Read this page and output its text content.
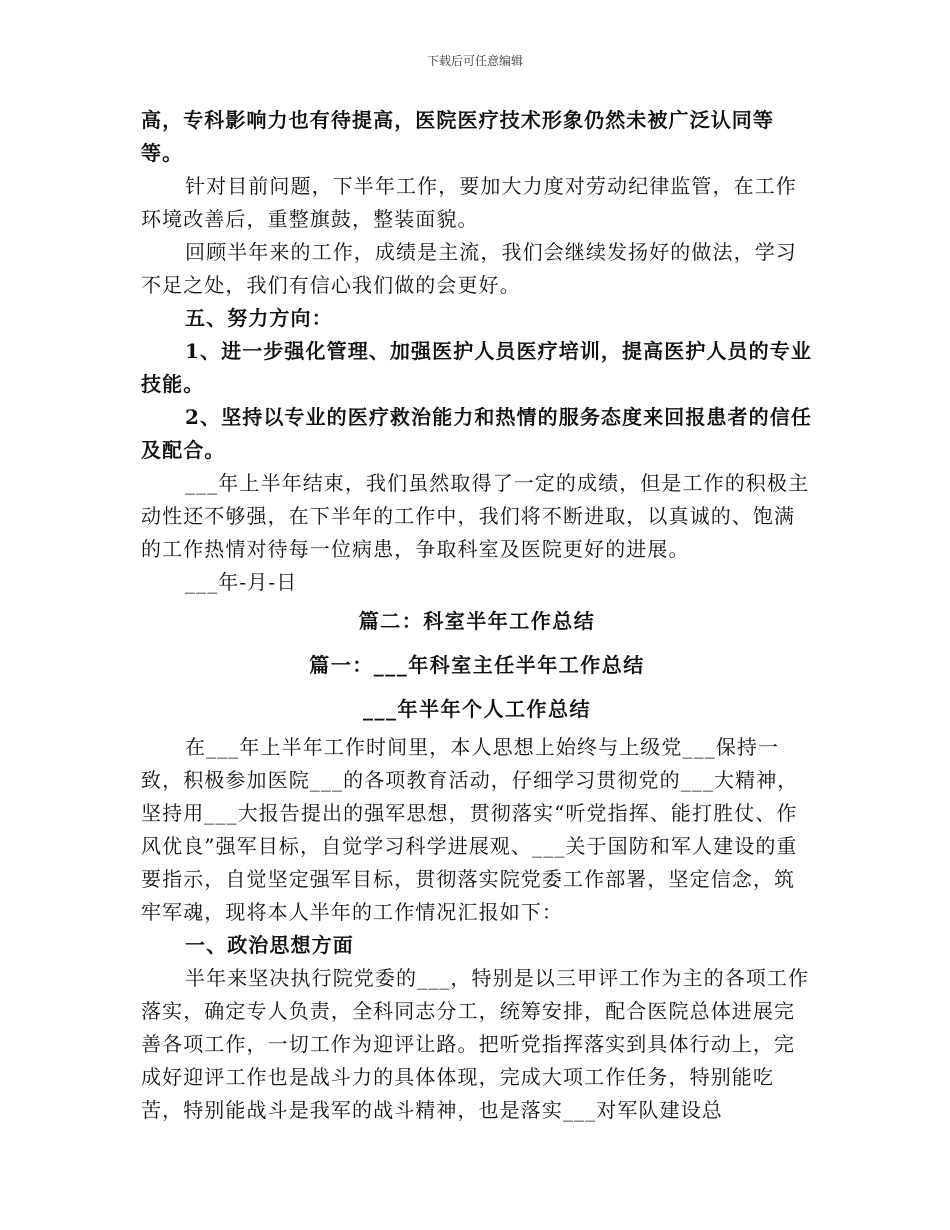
下载后可任意编辑

高，专科影响力也有待提高，医院医疗技术形象仍然未被广泛认同等等。

针对目前问题，下半年工作，要加大力度对劳动纪律监管，在工作环境改善后，重整旗鼓，整装面貌。

回顾半年来的工作，成绩是主流，我们会继续发扬好的做法，学习不足之处，我们有信心我们做的会更好。

五、努力方向：

1、进一步强化管理、加强医护人员医疗培训，提高医护人员的专业技能。

2、坚持以专业的医疗救治能力和热情的服务态度来回报患者的信任及配合。

___年上半年结束，我们虽然取得了一定的成绩，但是工作的积极主动性还不够强，在下半年的工作中，我们将不断进取，以真诚的、饱满的工作热情对待每一位病患，争取科室及医院更好的进展。

___年-月-日

篇二：科室半年工作总结

篇一：___年科室主任半年工作总结

___年半年个人工作总结

在___年上半年工作时间里，本人思想上始终与上级党___保持一致，积极参加医院___的各项教育活动，仔细学习贯彻党的___大精神，坚持用___大报告提出的强军思想，贯彻落实“听党指挥、能打胜仗、作风优良”强军目标，自觉学习科学进展观、___关于国防和军人建设的重要指示，自觉坚定强军目标，贯彻落实院党委工作部署，坚定信念，筑牢军魂，现将本人半年的工作情况汇报如下：

一、政治思想方面

半年来坚决执行院党委的___，特别是以三甲评工作为主的各项工作落实，确定专人负责，全科同志分工，统筹安排，配合医院总体进展完善各项工作，一切工作为迎评让路。把听党指挥落实到具体行动上，完成好迎评工作也是战斗力的具体体现，完成大项工作任务，特别能吃苦，特别能战斗是我军的战斗精神，也是落实___对军队建设总
